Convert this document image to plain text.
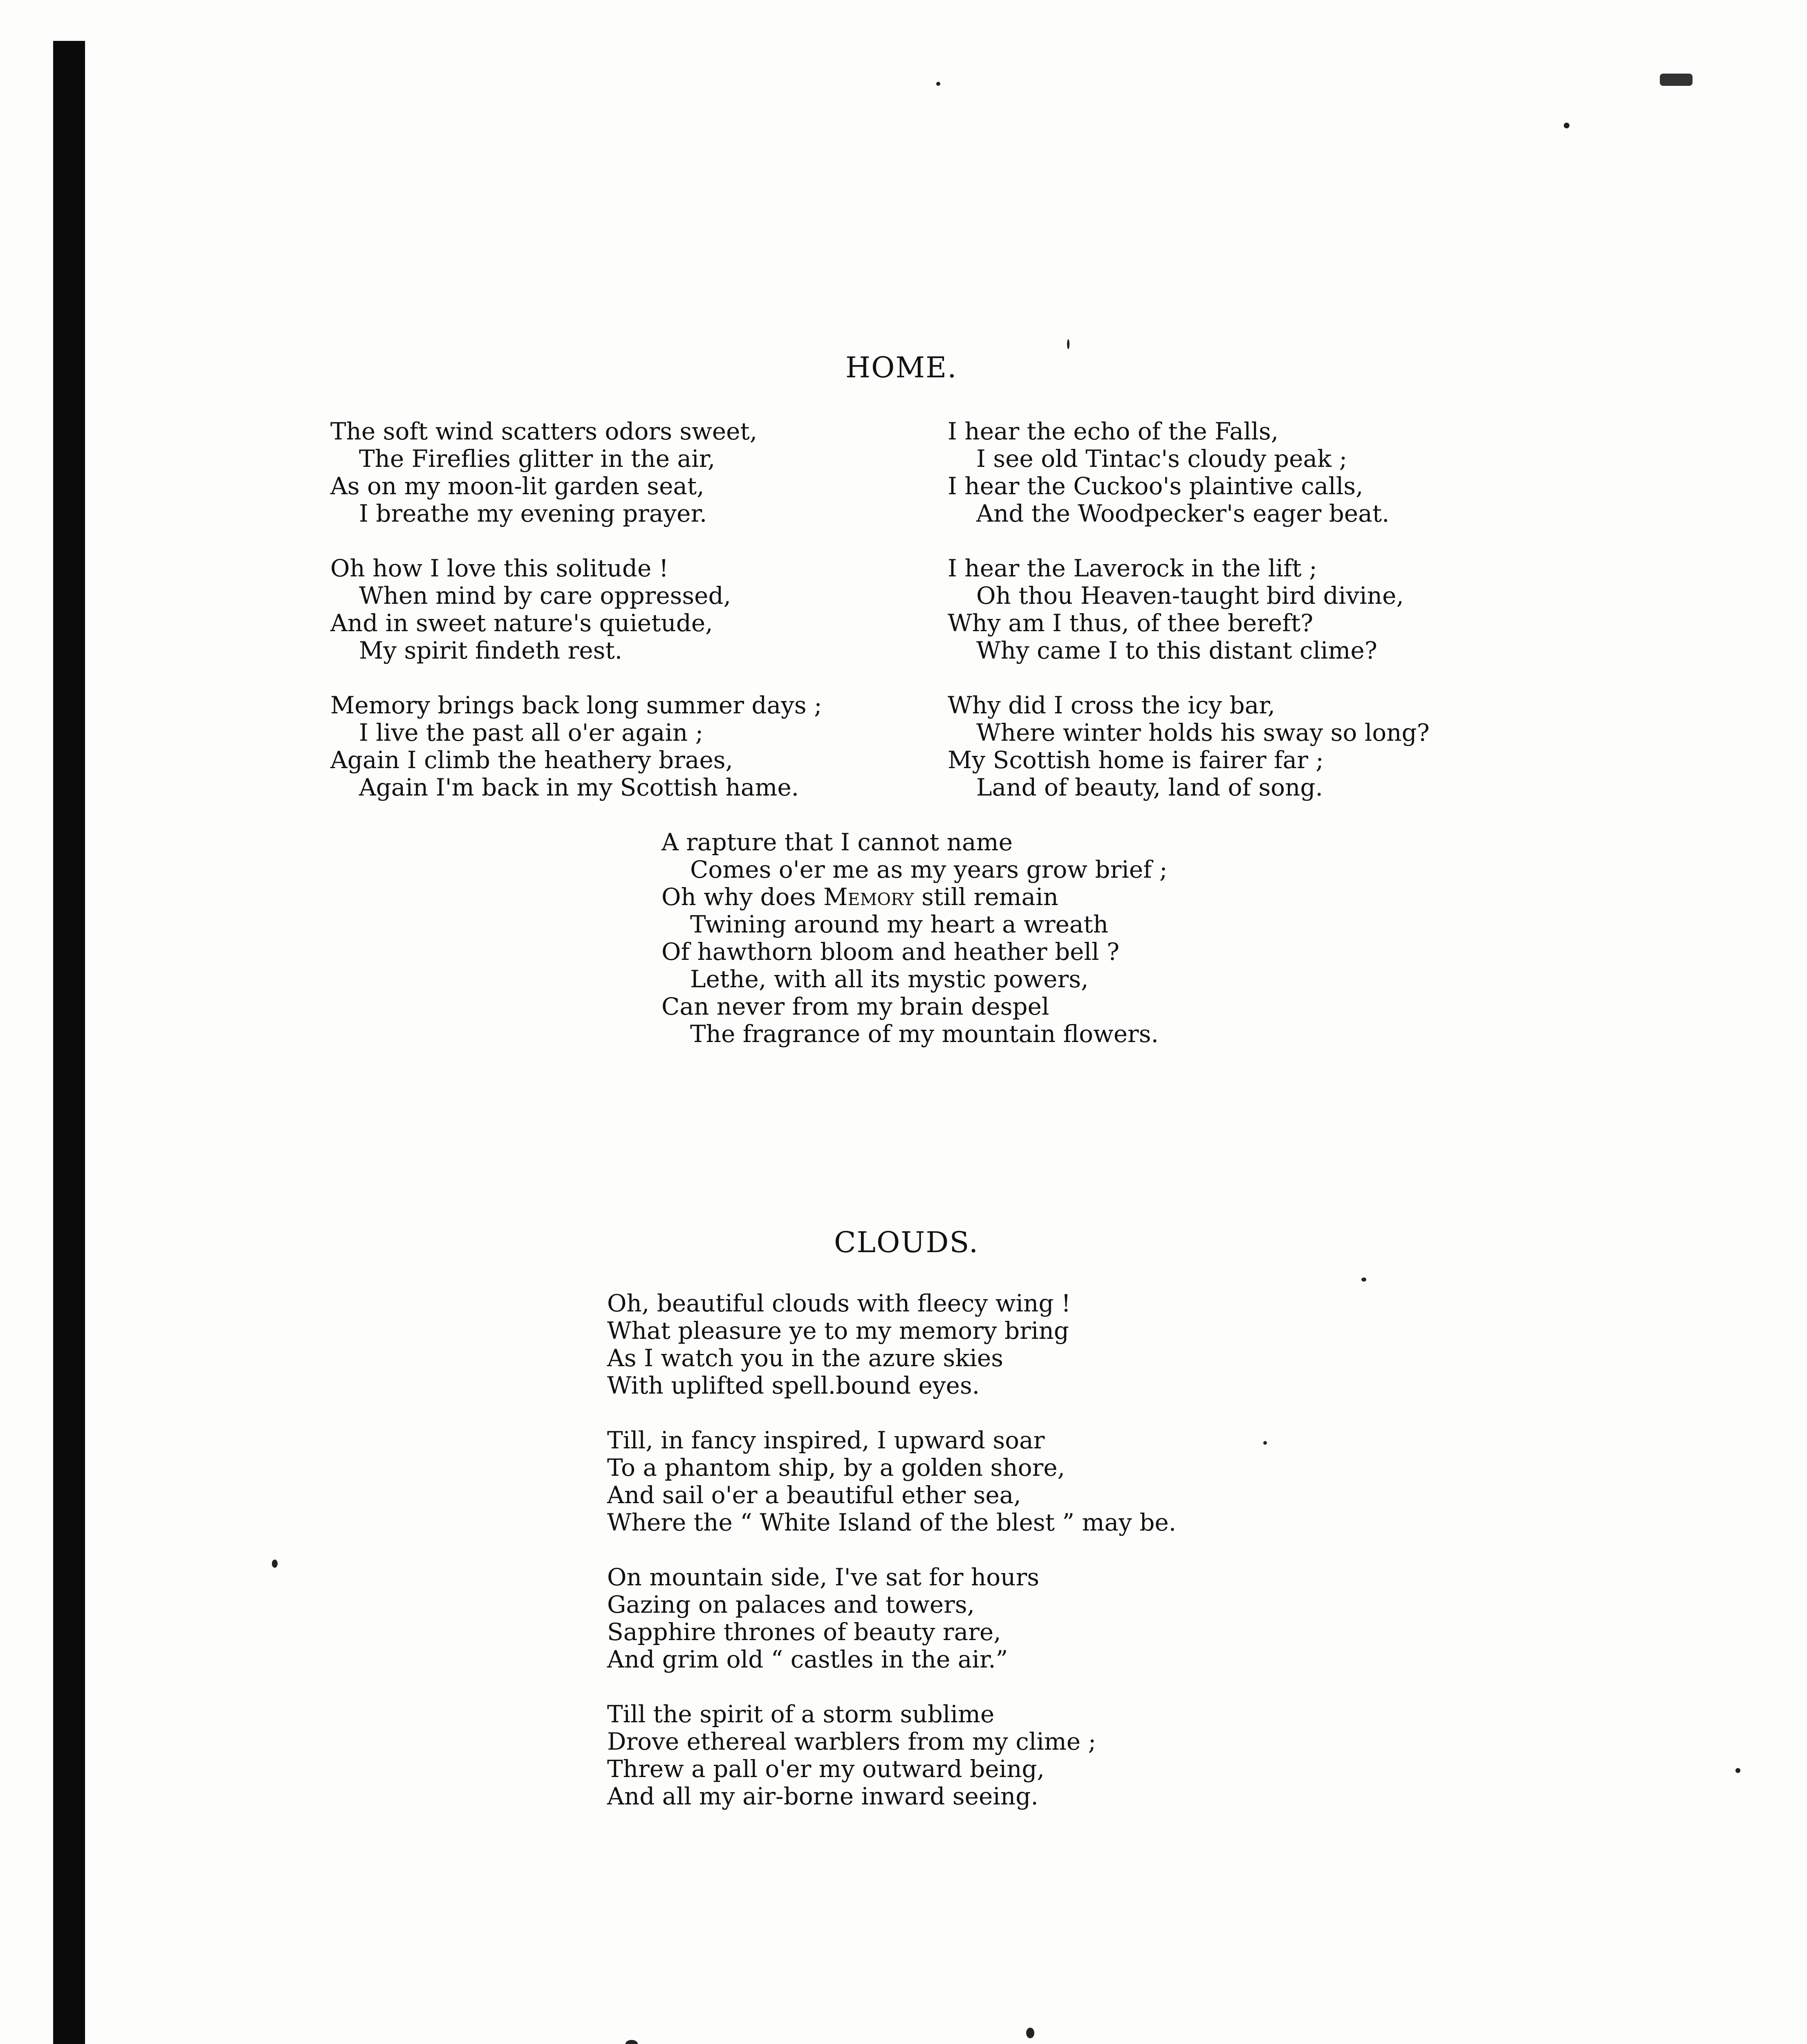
HOME.
The soft wind scatters odors sweet,
The Fireflies glitter in the air,
As on my moon-lit garden seat,
I breathe my evening prayer.
Oh how I love this solitude !
When mind by care oppressed,
And in sweet nature's quietude,
My spirit findeth rest.
Memory brings back long summer days ;
I live the past all o'er again ;
Again I climb the heathery braes,
Again I'm back in my Scottish hame.
I hear the echo of the Falls,
I see old Tintac's cloudy peak ;
I hear the Cuckoo's plaintive calls,
And the Woodpecker's eager beat.
I hear the Laverock in the lift ;
Oh thou Heaven-taught bird divine,
Why am I thus, of thee bereft?
Why came I to this distant clime?
Why did I cross the icy bar,
Where winter holds his sway so long?
My Scottish home is fairer far ;
Land of beauty, land of song.
A rapture that I cannot name
Comes o'er me as my years grow brief ;
Oh why does Memory still remain
Twining around my heart a wreath
Of hawthorn bloom and heather bell ?
Lethe, with all its mystic powers,
Can never from my brain despel
The fragrance of my mountain flowers.
CLOUDS.
Oh, beautiful clouds with fleecy wing !
What pleasure ye to my memory bring
As I watch you in the azure skies
With uplifted spell.bound eyes.
Till, in fancy inspired, I upward soar
To a phantom ship, by a golden shore,
And sail o'er a beautiful ether sea,
Where the “ White Island of the blest ” may be.
On mountain side, I've sat for hours
Gazing on palaces and towers,
Sapphire thrones of beauty rare,
And grim old “ castles in the air.”
Till the spirit of a storm sublime
Drove ethereal warblers from my clime ;
Threw a pall o'er my outward being,
And all my air-borne inward seeing.
